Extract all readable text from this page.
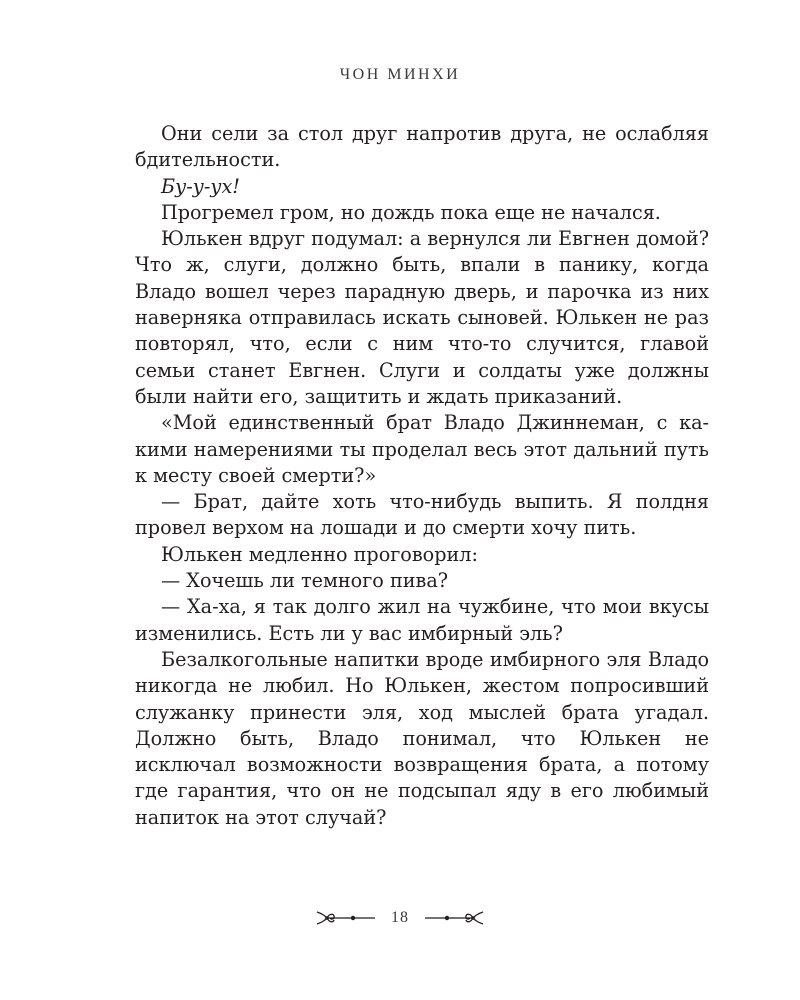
ЧОН МИНХИ

Они сели за стол друг напротив друга, не ослабляя бдительности.

Бу-у-ух!

Прогремел гром, но дождь пока еще не начался.

Юлькен вдруг подумал: а вернулся ли Евгнен домой? Что ж, слуги, должно быть, впали в панику, когда Владо вошел через парадную дверь, и парочка из них наверняка отправилась искать сыновей. Юлькен не раз повторял, что, если с ним что-то случится, главой семьи станет Евгнен. Слуги и солдаты уже должны были найти его, защитить и ждать приказаний.

«Мой единственный брат Владо Джиннеман, с какими намерениями ты проделал весь этот дальний путь к месту своей смерти?»

— Брат, дайте хоть что-нибудь выпить. Я полдня провел верхом на лошади и до смерти хочу пить.

Юлькен медленно проговорил:

— Хочешь ли темного пива?

— Ха-ха, я так долго жил на чужбине, что мои вкусы изменились. Есть ли у вас имбирный эль?

Безалкогольные напитки вроде имбирного эля Владо никогда не любил. Но Юлькен, жестом попросивший служанку принести эля, ход мыслей брата угадал. Должно быть, Владо понимал, что Юлькен не исключал возможности возвращения брата, а потому где гарантия, что он не подсыпал яду в его любимый напиток на этот случай?

18
